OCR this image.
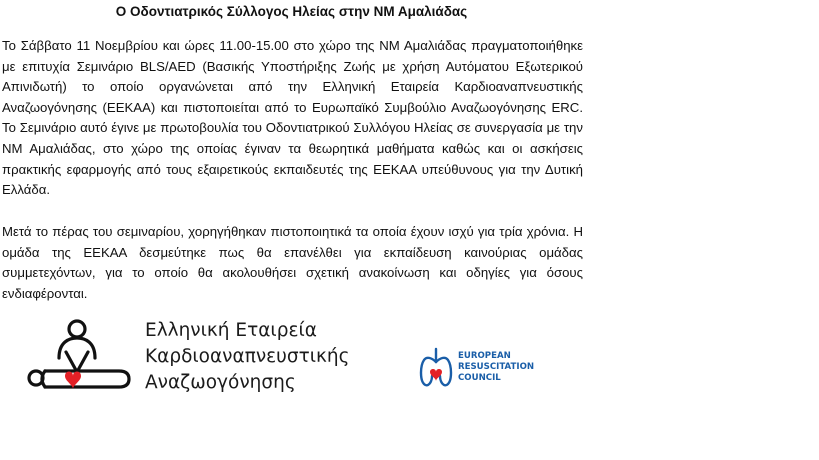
Ο Οδοντιατρικός Σύλλογος Ηλείας στην ΝΜ Αμαλιάδας

Το Σάββατο 11 Νοεμβρίου και ώρες 11.00-15.00 στο χώρο της ΝΜ Αμαλιάδας πραγματοποιήθηκε με επιτυχία Σεμινάριο BLS/AED (Βασικής Υποστήριξης Ζωής με χρήση Αυτόματου Εξωτερικού Απινιδωτή) το οποίο οργανώνεται από την Ελληνική Εταιρεία Καρδιοαναπνευστικής Αναζωογόνησης (ΕΕΚΑΑ) και πιστοποιείται από το Ευρωπαϊκό Συμβούλιο Αναζωογόνησης ERC. Το Σεμινάριο αυτό έγινε με πρωτοβουλία του Οδοντιατρικού Συλλόγου Ηλείας σε συνεργασία με την ΝΜ Αμαλιάδας, στο χώρο της οποίας έγιναν τα θεωρητικά μαθήματα καθώς και οι ασκήσεις πρακτικής εφαρμογής από τους εξαιρετικούς εκπαιδευτές της ΕΕΚΑΑ υπεύθυνους για την Δυτική Ελλάδα.

Μετά το πέρας του σεμιναρίου, χορηγήθηκαν πιστοποιητικά τα οποία έχουν ισχύ για τρία χρόνια. Η ομάδα της ΕΕΚΑΑ δεσμεύτηκε πως θα επανέλθει για εκπαίδευση καινούριας ομάδας συμμετεχόντων, για το οποίο θα ακολουθήσει σχετική ανακοίνωση και οδηγίες για όσους ενδιαφέρονται.

Ελληνική Εταιρεία
Καρδιοαναπνευστικής
Αναζωογόνησης
EUROPEAN
RESUSCITATION
COUNCIL
